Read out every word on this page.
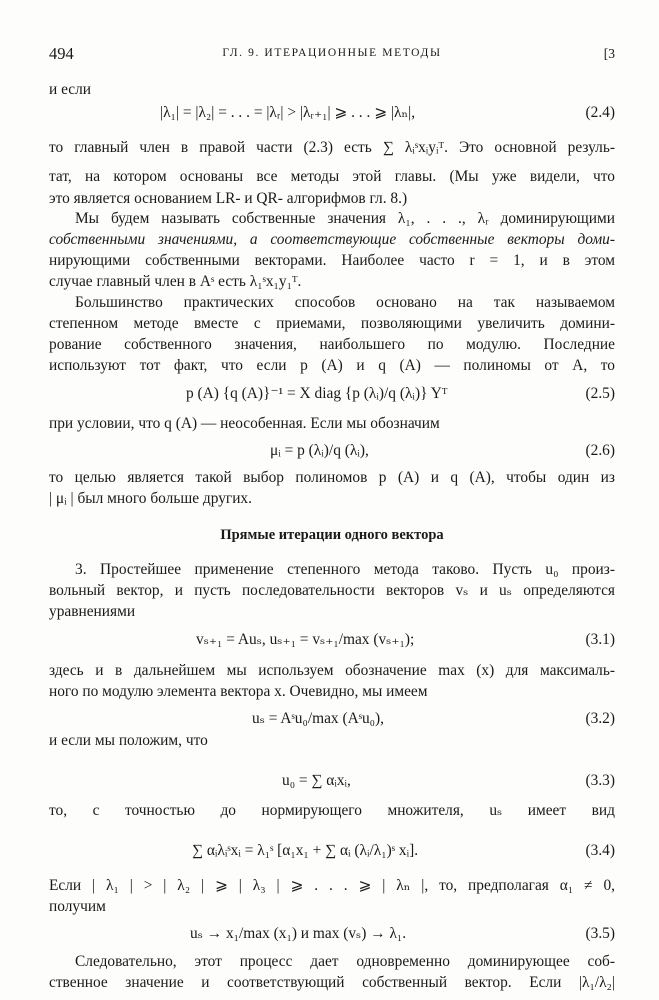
494	ГЛ. 9. ИТЕРАЦИОННЫЕ МЕТОДЫ	[3
и если
|λ₁| = |λ₂| = . . . = |λᵣ| > |λᵣ₊₁| ⩾ . . . ⩾ |λₙ|,	(2.4)
то главный член в правой части (2.3) есть ∑ λᵢˢxᵢyᵢᵀ. Это основной резуль-
тат, на котором основаны все методы этой главы. (Мы уже видели, что
это является основанием LR- и QR- алгорифмов гл. 8.)
Мы будем называть собственные значения λ₁, . . ., λᵣ доминирующими
собственными значениями, а соответствующие собственные векторы доми-
нирующими собственными векторами. Наиболее часто r = 1, и в этом
случае главный член в Aˢ есть λ₁ˢx₁y₁ᵀ.
Большинство практических способов основано на так называемом
степенном методе вместе с приемами, позволяющими увеличить домини-
рование собственного значения, наибольшего по модулю. Последние
используют тот факт, что если p (A) и q (A) — полиномы от A, то
p (A) {q (A)}⁻¹ = X diag {p (λᵢ)/q (λᵢ)} Yᵀ	(2.5)
при условии, что q (A) — неособенная. Если мы обозначим
μᵢ = p (λᵢ)/q (λᵢ),	(2.6)
то целью является такой выбор полиномов p (A) и q (A), чтобы один из
| μᵢ | был много больше других.
Прямые итерации одного вектора
3. Простейшее применение степенного метода таково. Пусть u₀ произ-
вольный вектор, и пусть последовательности векторов vₛ и uₛ определяются
уравнениями
vₛ₊₁ = Auₛ, uₛ₊₁ = vₛ₊₁/max (vₛ₊₁);	(3.1)
здесь и в дальнейшем мы используем обозначение max (x) для максималь-
ного по модулю элемента вектора x. Очевидно, мы имеем
uₛ = Aˢu₀/max (Aˢu₀),	(3.2)
и если мы положим, что
u₀ = ∑ αᵢxᵢ,	(3.3)
то, с точностью до нормирующего множителя, uₛ имеет вид
∑ αᵢλᵢˢxᵢ = λ₁ˢ [α₁x₁ + ∑ αᵢ (λᵢ/λ₁)ˢ xᵢ].	(3.4)
Если | λ₁ | > | λ₂ | ⩾ | λ₃ | ⩾ . . . ⩾ | λₙ |, то, предполагая α₁ ≠ 0,
получим
uₛ → x₁/max (x₁) и max (vₛ) → λ₁.	(3.5)
Следовательно, этот процесс дает одновременно доминирующее соб-
ственное значение и соответствующий собственный вектор. Если |λ₁/λ₂|
